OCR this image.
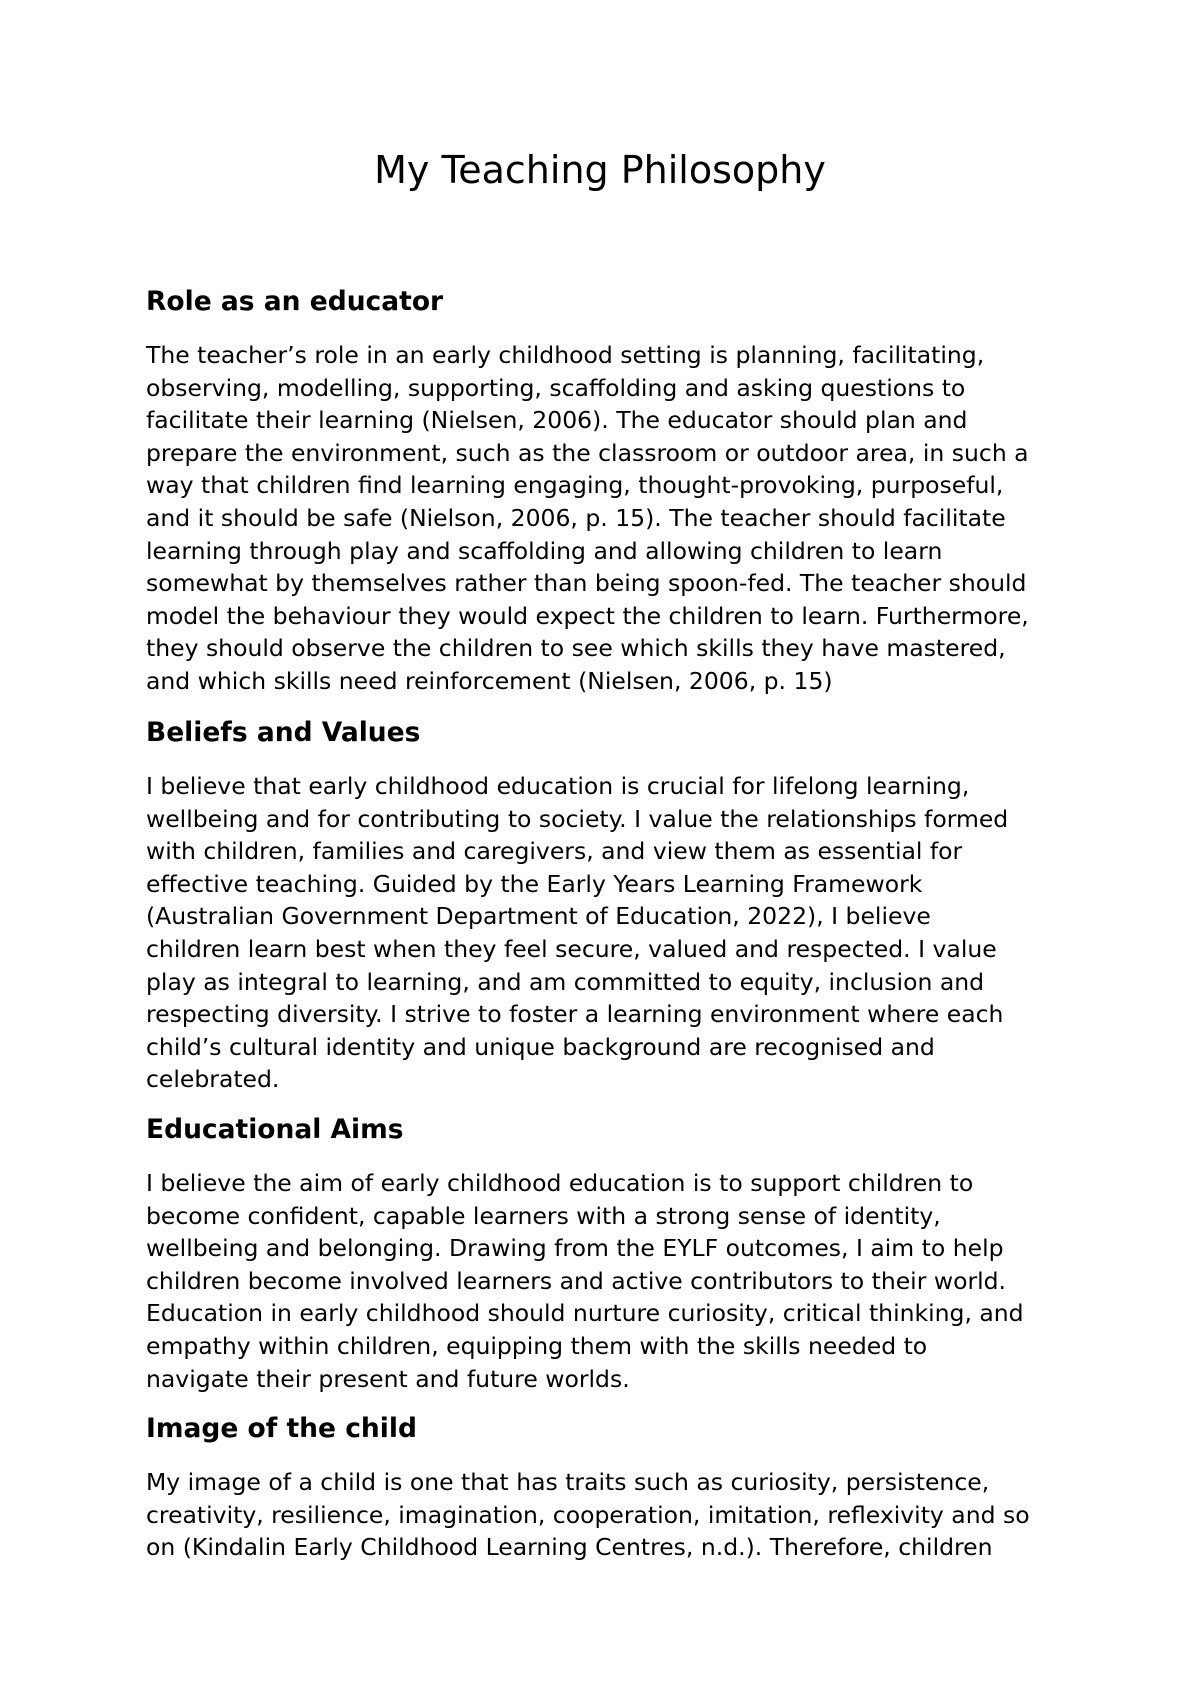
My Teaching Philosophy
Role as an educator
The teacher’s role in an early childhood setting is planning, facilitating,
observing, modelling, supporting, scaffolding and asking questions to
facilitate their learning (Nielsen, 2006). The educator should plan and
prepare the environment, such as the classroom or outdoor area, in such a
way that children find learning engaging, thought-provoking, purposeful,
and it should be safe (Nielson, 2006, p. 15). The teacher should facilitate
learning through play and scaffolding and allowing children to learn
somewhat by themselves rather than being spoon-fed. The teacher should
model the behaviour they would expect the children to learn. Furthermore,
they should observe the children to see which skills they have mastered,
and which skills need reinforcement (Nielsen, 2006, p. 15)
Beliefs and Values
I believe that early childhood education is crucial for lifelong learning,
wellbeing and for contributing to society. I value the relationships formed
with children, families and caregivers, and view them as essential for
effective teaching. Guided by the Early Years Learning Framework
(Australian Government Department of Education, 2022), I believe
children learn best when they feel secure, valued and respected. I value
play as integral to learning, and am committed to equity, inclusion and
respecting diversity. I strive to foster a learning environment where each
child’s cultural identity and unique background are recognised and
celebrated.
Educational Aims
I believe the aim of early childhood education is to support children to
become confident, capable learners with a strong sense of identity,
wellbeing and belonging. Drawing from the EYLF outcomes, I aim to help
children become involved learners and active contributors to their world.
Education in early childhood should nurture curiosity, critical thinking, and
empathy within children, equipping them with the skills needed to
navigate their present and future worlds.
Image of the child
My image of a child is one that has traits such as curiosity, persistence,
creativity, resilience, imagination, cooperation, imitation, reflexivity and so
on (Kindalin Early Childhood Learning Centres, n.d.). Therefore, children
